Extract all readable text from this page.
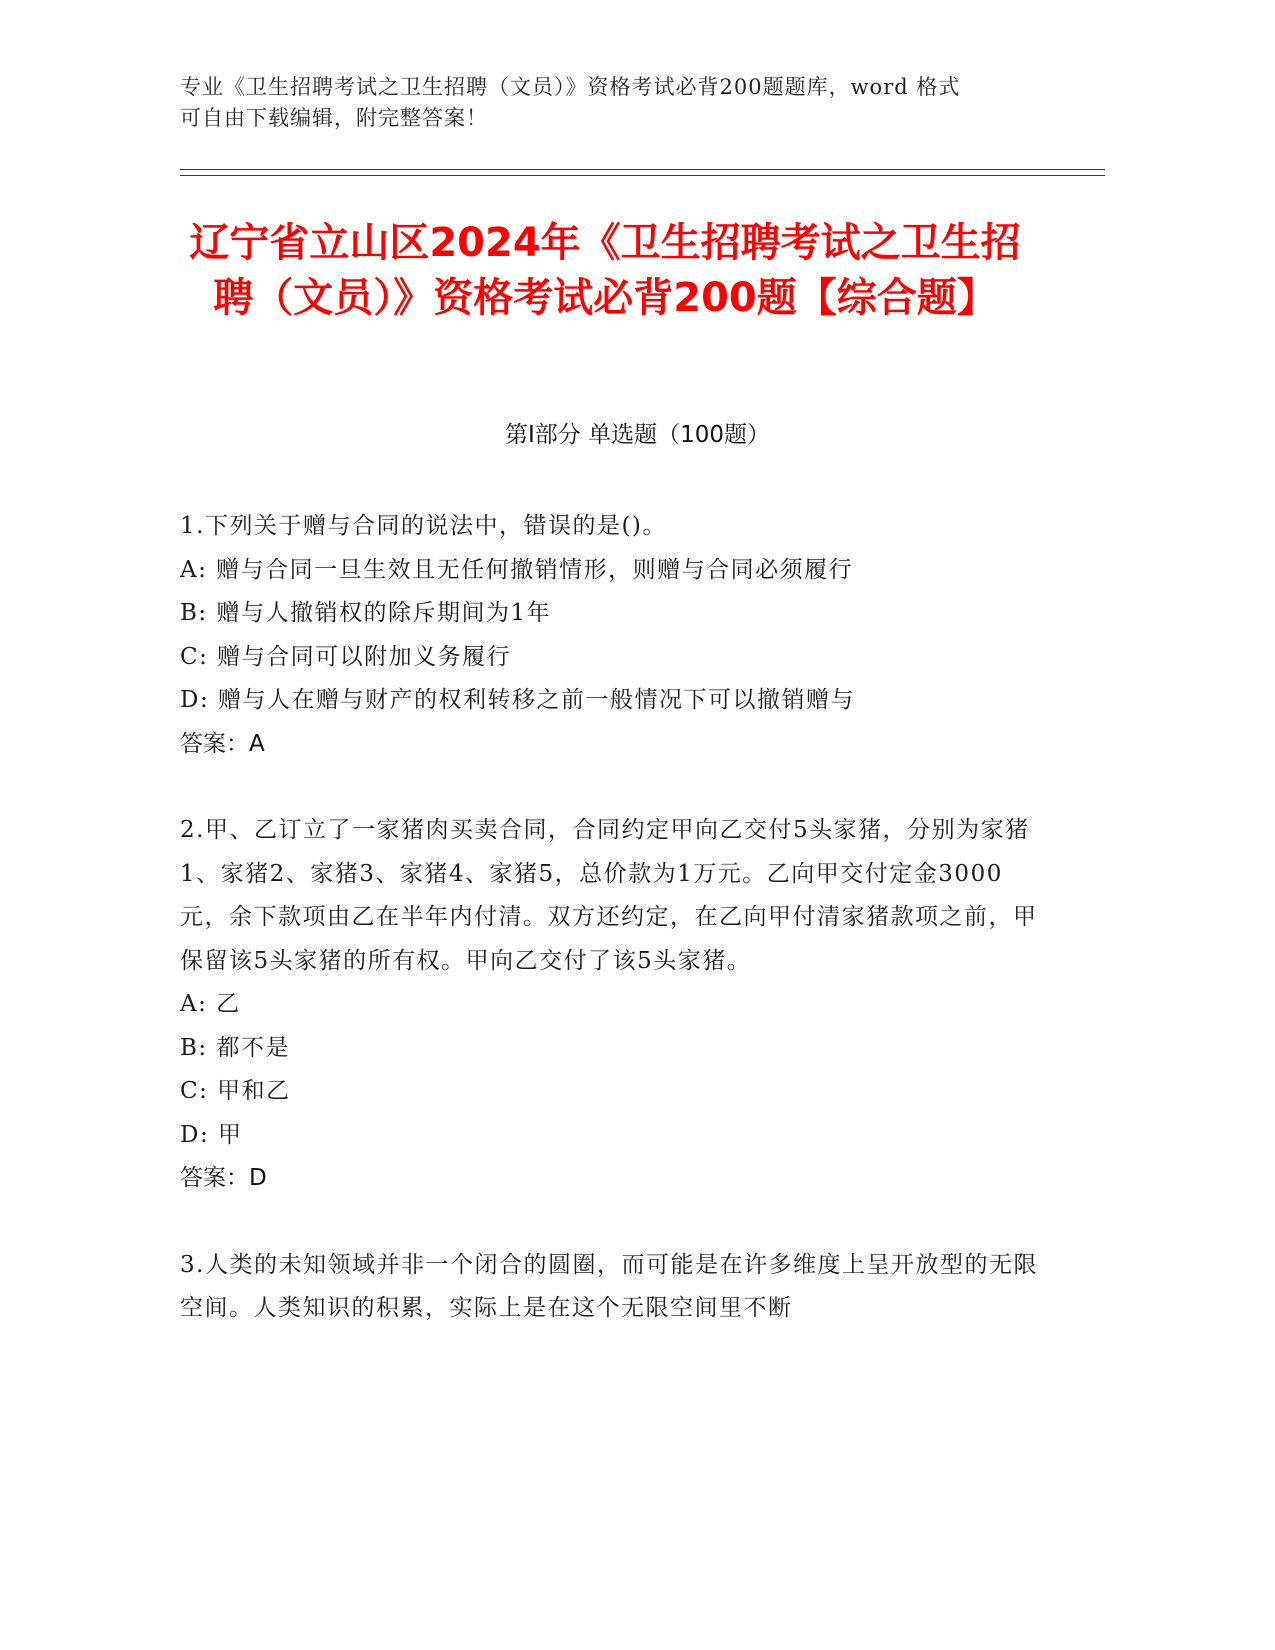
专业《卫生招聘考试之卫生招聘（文员）》资格考试必背200题题库，word 格式
可自由下载编辑，附完整答案！
辽宁省立山区2024年《卫生招聘考试之卫生招聘（文员）》资格考试必背200题【综合题】
第Ⅰ部分 单选题（100题）
1.下列关于赠与合同的说法中，错误的是()。
A: 赠与合同一旦生效且无任何撤销情形，则赠与合同必须履行
B: 赠与人撤销权的除斥期间为1年
C: 赠与合同可以附加义务履行
D: 赠与人在赠与财产的权利转移之前一般情况下可以撤销赠与
答案：A
2.甲、乙订立了一家猪肉买卖合同，合同约定甲向乙交付5头家猪，分别为家猪1、家猪2、家猪3、家猪4、家猪5，总价款为1万元。乙向甲交付定金3000元，余下款项由乙在半年内付清。双方还约定，在乙向甲付清家猪款项之前，甲保留该5头家猪的所有权。甲向乙交付了该5头家猪。
A: 乙
B: 都不是
C: 甲和乙
D: 甲
答案：D
3.人类的未知领域并非一个闭合的圆圈，而可能是在许多维度上呈开放型的无限空间。人类知识的积累，实际上是在这个无限空间里不断
